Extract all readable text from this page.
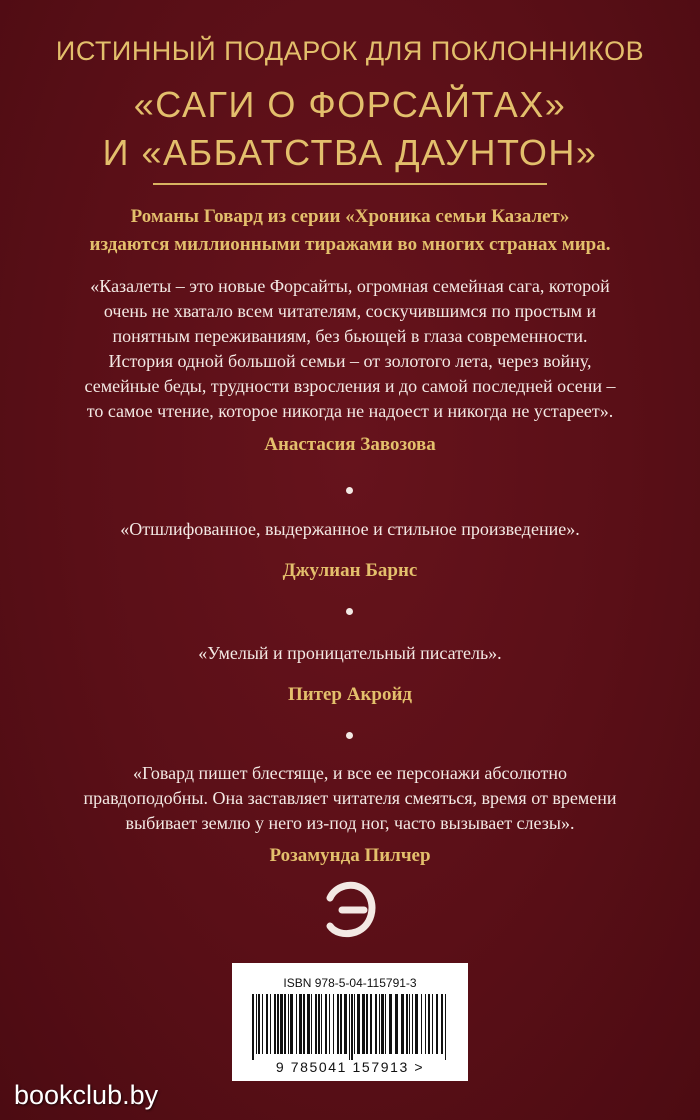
ИСТИННЫЙ ПОДАРОК ДЛЯ ПОКЛОННИКОВ
«САГИ О ФОРСАЙТАХ»
И «АББАТСТВА ДАУНТОН»
Романы Говард из серии «Хроника семьи Казалет»
издаются миллионными тиражами во многих странах мира.
«Казалеты – это новые Форсайты, огромная семейная сага, которой
очень не хватало всем читателям, соскучившимся по простым и
понятным переживаниям, без бьющей в глаза современности.
История одной большой семьи – от золотого лета, через войну,
семейные беды, трудности взросления и до самой последней осени –
то самое чтение, которое никогда не надоест и никогда не устареет».
Анастасия Завозова
«Отшлифованное, выдержанное и стильное произведение».
Джулиан Барнс
«Умелый и проницательный писатель».
Питер Акройд
«Говард пишет блестяще, и все ее персонажи абсолютно
правдоподобны. Она заставляет читателя смеяться, время от времени
выбивает землю у него из-под ног, часто вызывает слезы».
Розамунда Пилчер
ISBN 978-5-04-115791-3
9 785041 157913 >
bookclub.by
